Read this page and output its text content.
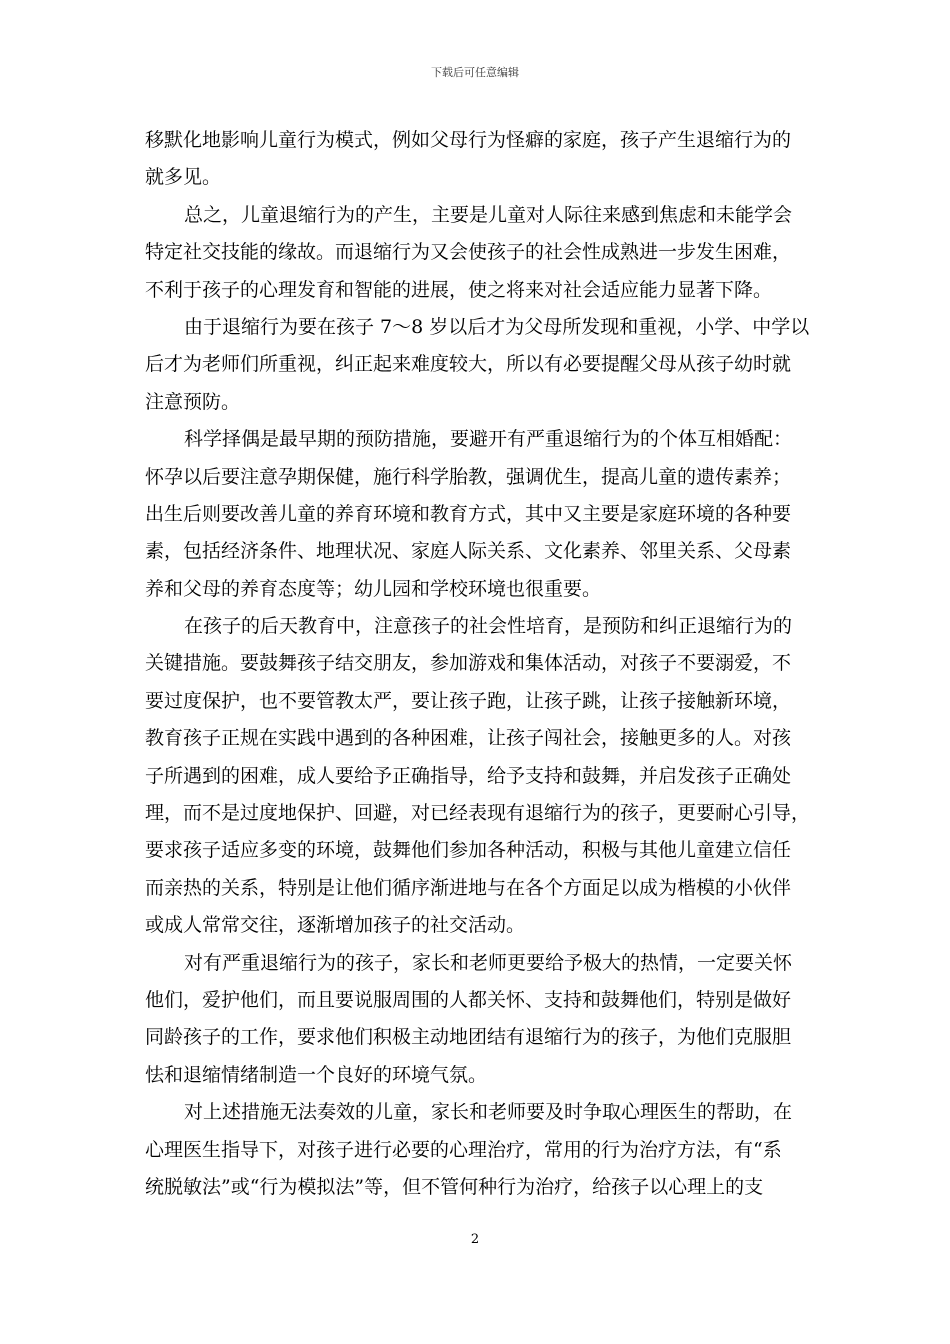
下载后可任意编辑
移默化地影响儿童行为模式，例如父母行为怪癖的家庭，孩子产生退缩行为的
就多见。
总之，儿童退缩行为的产生，主要是儿童对人际往来感到焦虑和未能学会
特定社交技能的缘故。而退缩行为又会使孩子的社会性成熟进一步发生困难，
不利于孩子的心理发育和智能的进展，使之将来对社会适应能力显著下降。
由于退缩行为要在孩子 7～8 岁以后才为父母所发现和重视，小学、中学以
后才为老师们所重视，纠正起来难度较大，所以有必要提醒父母从孩子幼时就
注意预防。
科学择偶是最早期的预防措施，要避开有严重退缩行为的个体互相婚配：
怀孕以后要注意孕期保健，施行科学胎教，强调优生，提高儿童的遗传素养；
出生后则要改善儿童的养育环境和教育方式，其中又主要是家庭环境的各种要
素，包括经济条件、地理状况、家庭人际关系、文化素养、邻里关系、父母素
养和父母的养育态度等；幼儿园和学校环境也很重要。
在孩子的后天教育中，注意孩子的社会性培育，是预防和纠正退缩行为的
关键措施。要鼓舞孩子结交朋友，参加游戏和集体活动，对孩子不要溺爱，不
要过度保护，也不要管教太严，要让孩子跑，让孩子跳，让孩子接触新环境，
教育孩子正规在实践中遇到的各种困难，让孩子闯社会，接触更多的人。对孩
子所遇到的困难，成人要给予正确指导，给予支持和鼓舞，并启发孩子正确处
理，而不是过度地保护、回避，对已经表现有退缩行为的孩子，更要耐心引导，
要求孩子适应多变的环境，鼓舞他们参加各种活动，积极与其他儿童建立信任
而亲热的关系，特别是让他们循序渐进地与在各个方面足以成为楷模的小伙伴
或成人常常交往，逐渐增加孩子的社交活动。
对有严重退缩行为的孩子，家长和老师更要给予极大的热情，一定要关怀
他们，爱护他们，而且要说服周围的人都关怀、支持和鼓舞他们，特别是做好
同龄孩子的工作，要求他们积极主动地团结有退缩行为的孩子，为他们克服胆
怯和退缩情绪制造一个良好的环境气氛。
对上述措施无法奏效的儿童，家长和老师要及时争取心理医生的帮助，在
心理医生指导下，对孩子进行必要的心理治疗，常用的行为治疗方法，有“系
统脱敏法”或“行为模拟法”等，但不管何种行为治疗，给孩子以心理上的支
2
